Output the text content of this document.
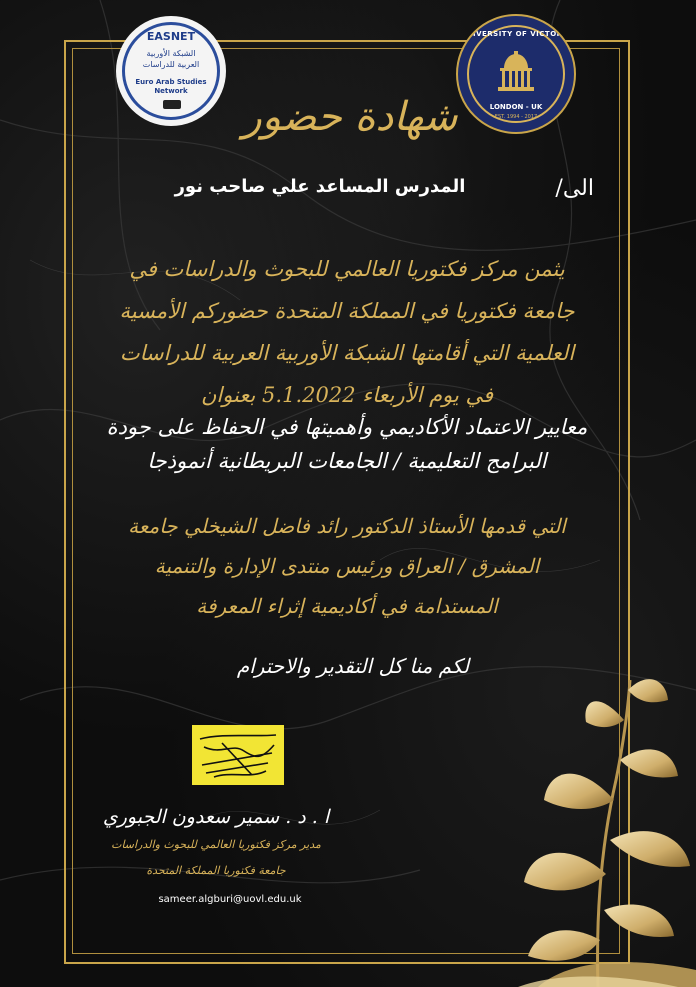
EASNET
الشبكة الأوربية
العربية للدراسات
Euro Arab Studies
Network
UNIVERSITY OF VICTORIA
LONDON - UK
EST. 1994 - 2017
شهادة حضور
الى/
المدرس المساعد علي صاحب نور
يثمن مركز فكتوريا العالمي للبحوث والدراسات في
جامعة فكتوريا في المملكة المتحدة حضوركم الأمسية
العلمية التي أقامتها الشبكة الأوربية العربية للدراسات
في يوم الأربعاء 5.1.2022 بعنوان
معايير الاعتماد الأكاديمي وأهميتها في الحفاظ على جودة
البرامج التعليمية / الجامعات البريطانية أنموذجا
التي قدمها الأستاذ الدكتور رائد فاضل الشيخلي جامعة
المشرق / العراق ورئيس منتدى الإدارة والتنمية
المستدامة في أكاديمية إثراء المعرفة
لكم منا كل التقدير والاحترام
ا . د . سمير سعدون الجبوري
مدير مركز فكتوريا العالمي للبحوث والدراسات
جامعة فكتوريا المملكة المتحدة
sameer.algburi@uovl.edu.uk
